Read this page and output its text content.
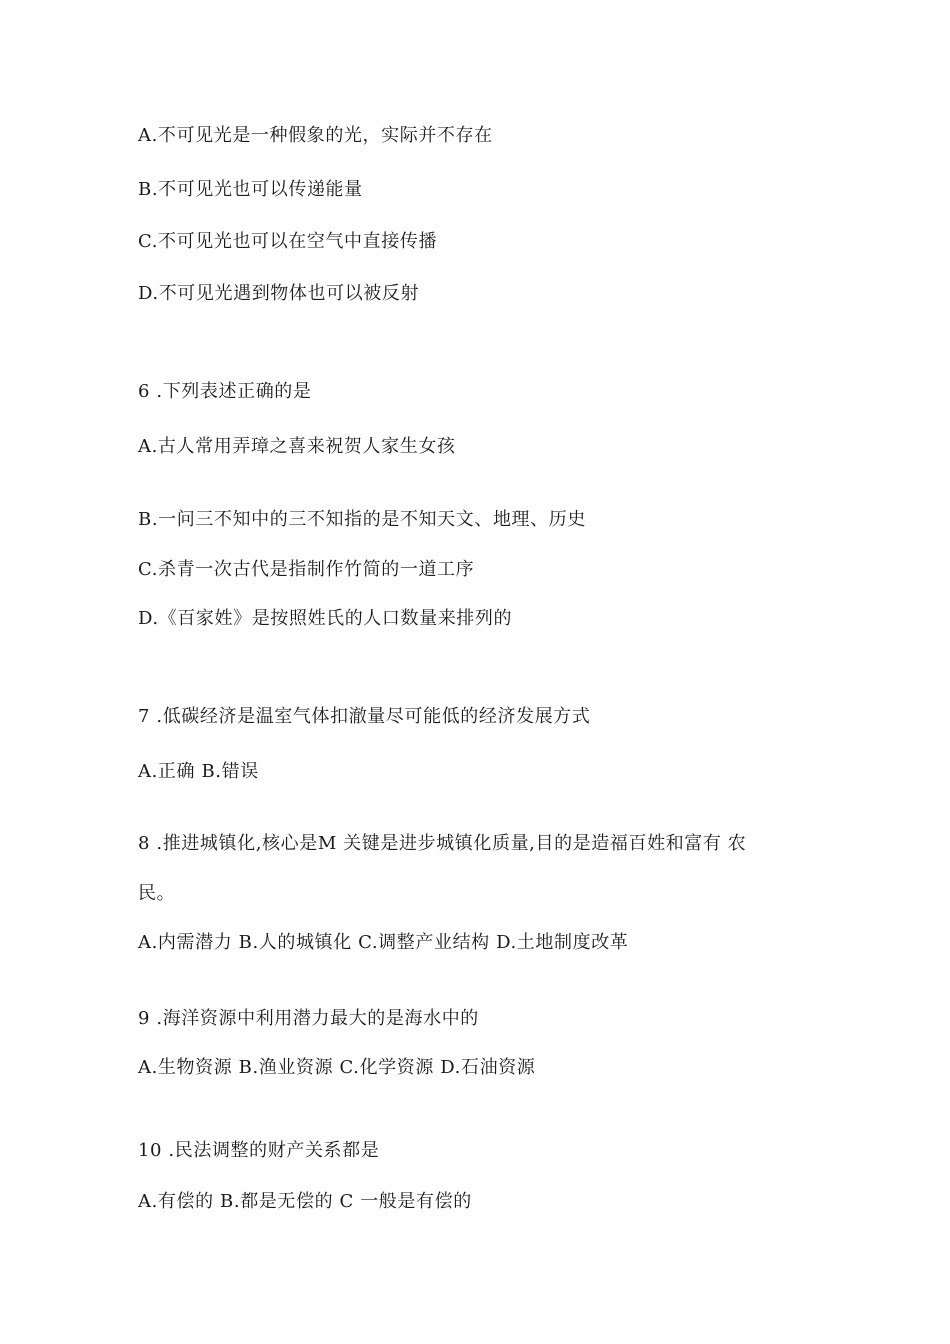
A.不可见光是一种假象的光，实际并不存在
B.不可见光也可以传递能量
C.不可见光也可以在空气中直接传播
D.不可见光遇到物体也可以被反射
6 .下列表述正确的是
A.古人常用弄璋之喜来祝贺人家生女孩
B.一问三不知中的三不知指的是不知天文、地理、历史
C.杀青一次古代是指制作竹简的一道工序
D.《百家姓》是按照姓氏的人口数量来排列的
7 .低碳经济是温室气体扣澈量尽可能低的经济发展方式
A.正确 B.错误
8 .推进城镇化,核心是M 关键是进步城镇化质量,目的是造福百姓和富有 农
民。
A.内需潜力 B.人的城镇化 C.调整产业结构 D.土地制度改革
9 .海洋资源中利用潜力最大的是海水中的
A.生物资源 B.渔业资源 C.化学资源 D.石油资源
10 .民法调整的财产关系都是
A.有偿的 B.都是无偿的 C 一般是有偿的
